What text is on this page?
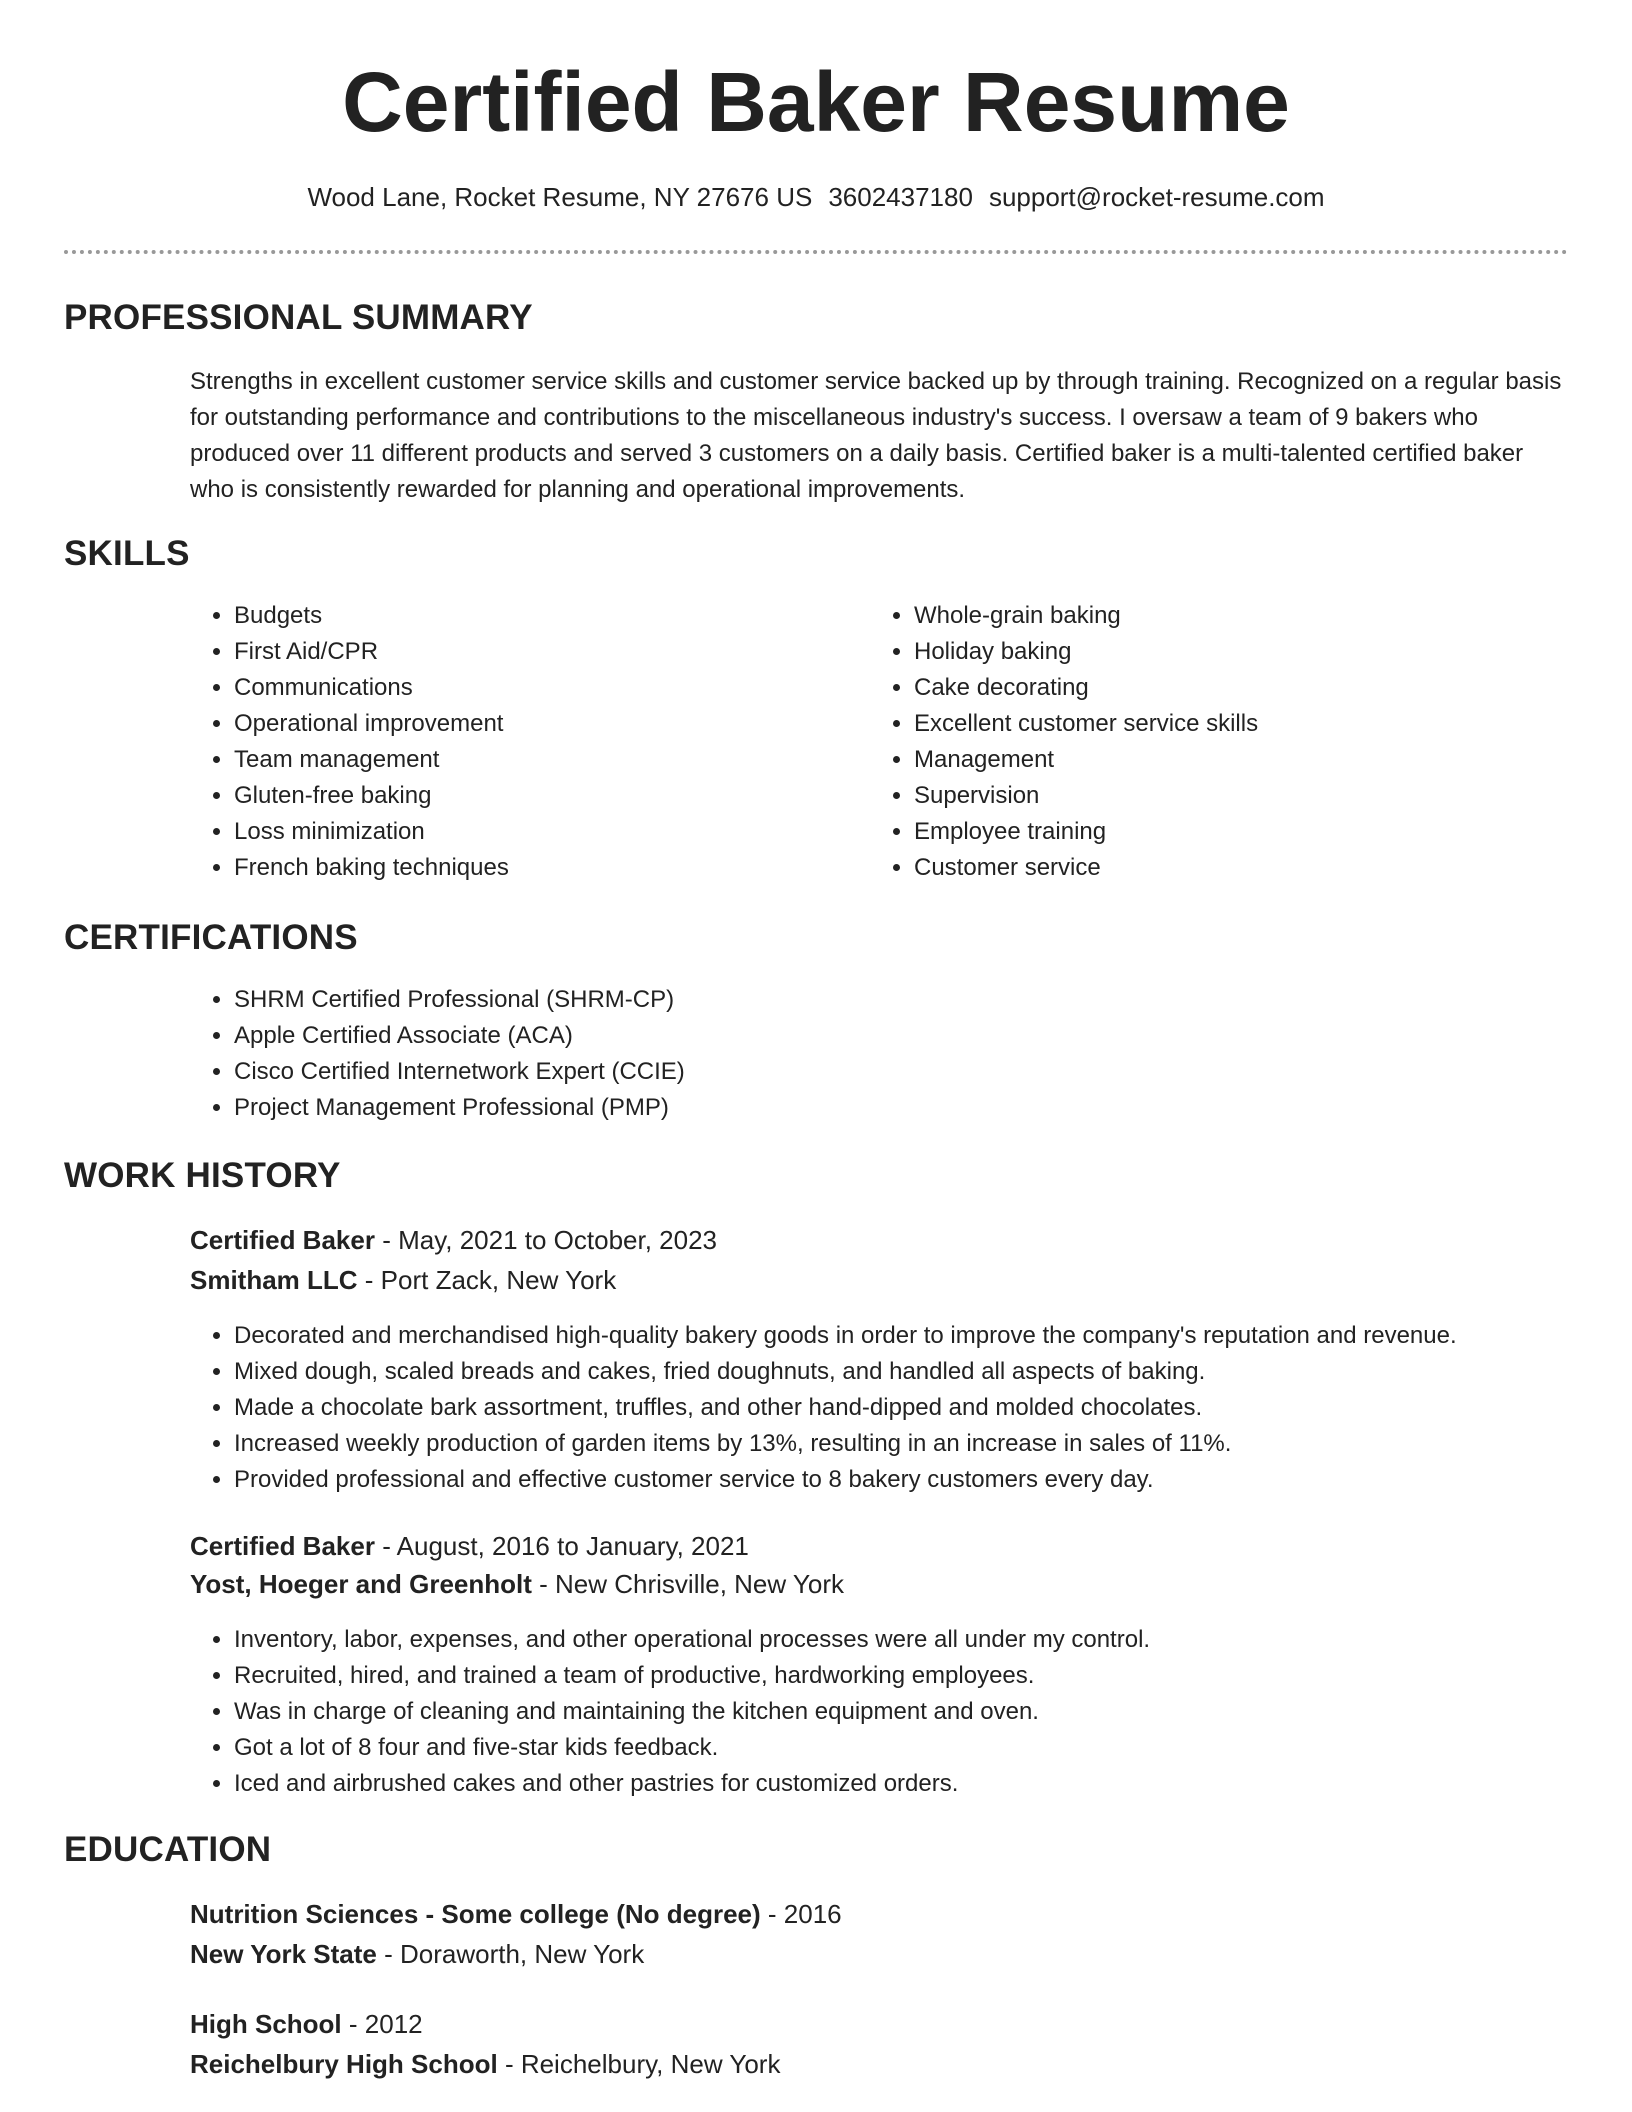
Certified Baker Resume
Wood Lane, Rocket Resume, NY 27676 US 3602437180 support@rocket-resume.com
PROFESSIONAL SUMMARY

Strengths in excellent customer service skills and customer service backed up by through training. Recognized on a regular basis for outstanding performance and contributions to the miscellaneous industry's success. I oversaw a team of 9 bakers who produced over 11 different products and served 3 customers on a daily basis. Certified baker is a multi-talented certified baker who is consistently rewarded for planning and operational improvements.

SKILLS
• Budgets
• First Aid/CPR
• Communications
• Operational improvement
• Team management
• Gluten-free baking
• Loss minimization
• French baking techniques
• Whole-grain baking
• Holiday baking
• Cake decorating
• Excellent customer service skills
• Management
• Supervision
• Employee training
• Customer service
CERTIFICATIONS
• SHRM Certified Professional (SHRM-CP)
• Apple Certified Associate (ACA)
• Cisco Certified Internetwork Expert (CCIE)
• Project Management Professional (PMP)
WORK HISTORY

Certified Baker - May, 2021 to October, 2023

Smitham LLC - Port Zack, New York

• Decorated and merchandised high-quality bakery goods in order to improve the company's reputation and revenue.
• Mixed dough, scaled breads and cakes, fried doughnuts, and handled all aspects of baking.
• Made a chocolate bark assortment, truffles, and other hand-dipped and molded chocolates.
• Increased weekly production of garden items by 13%, resulting in an increase in sales of 11%.
• Provided professional and effective customer service to 8 bakery customers every day.

Certified Baker - August, 2016 to January, 2021

Yost, Hoeger and Greenholt - New Chrisville, New York

• Inventory, labor, expenses, and other operational processes were all under my control.
• Recruited, hired, and trained a team of productive, hardworking employees.
• Was in charge of cleaning and maintaining the kitchen equipment and oven.
• Got a lot of 8 four and five-star kids feedback.
• Iced and airbrushed cakes and other pastries for customized orders.
EDUCATION

Nutrition Sciences - Some college (No degree) - 2016

New York State - Doraworth, New York

High School - 2012

Reichelbury High School - Reichelbury, New York
